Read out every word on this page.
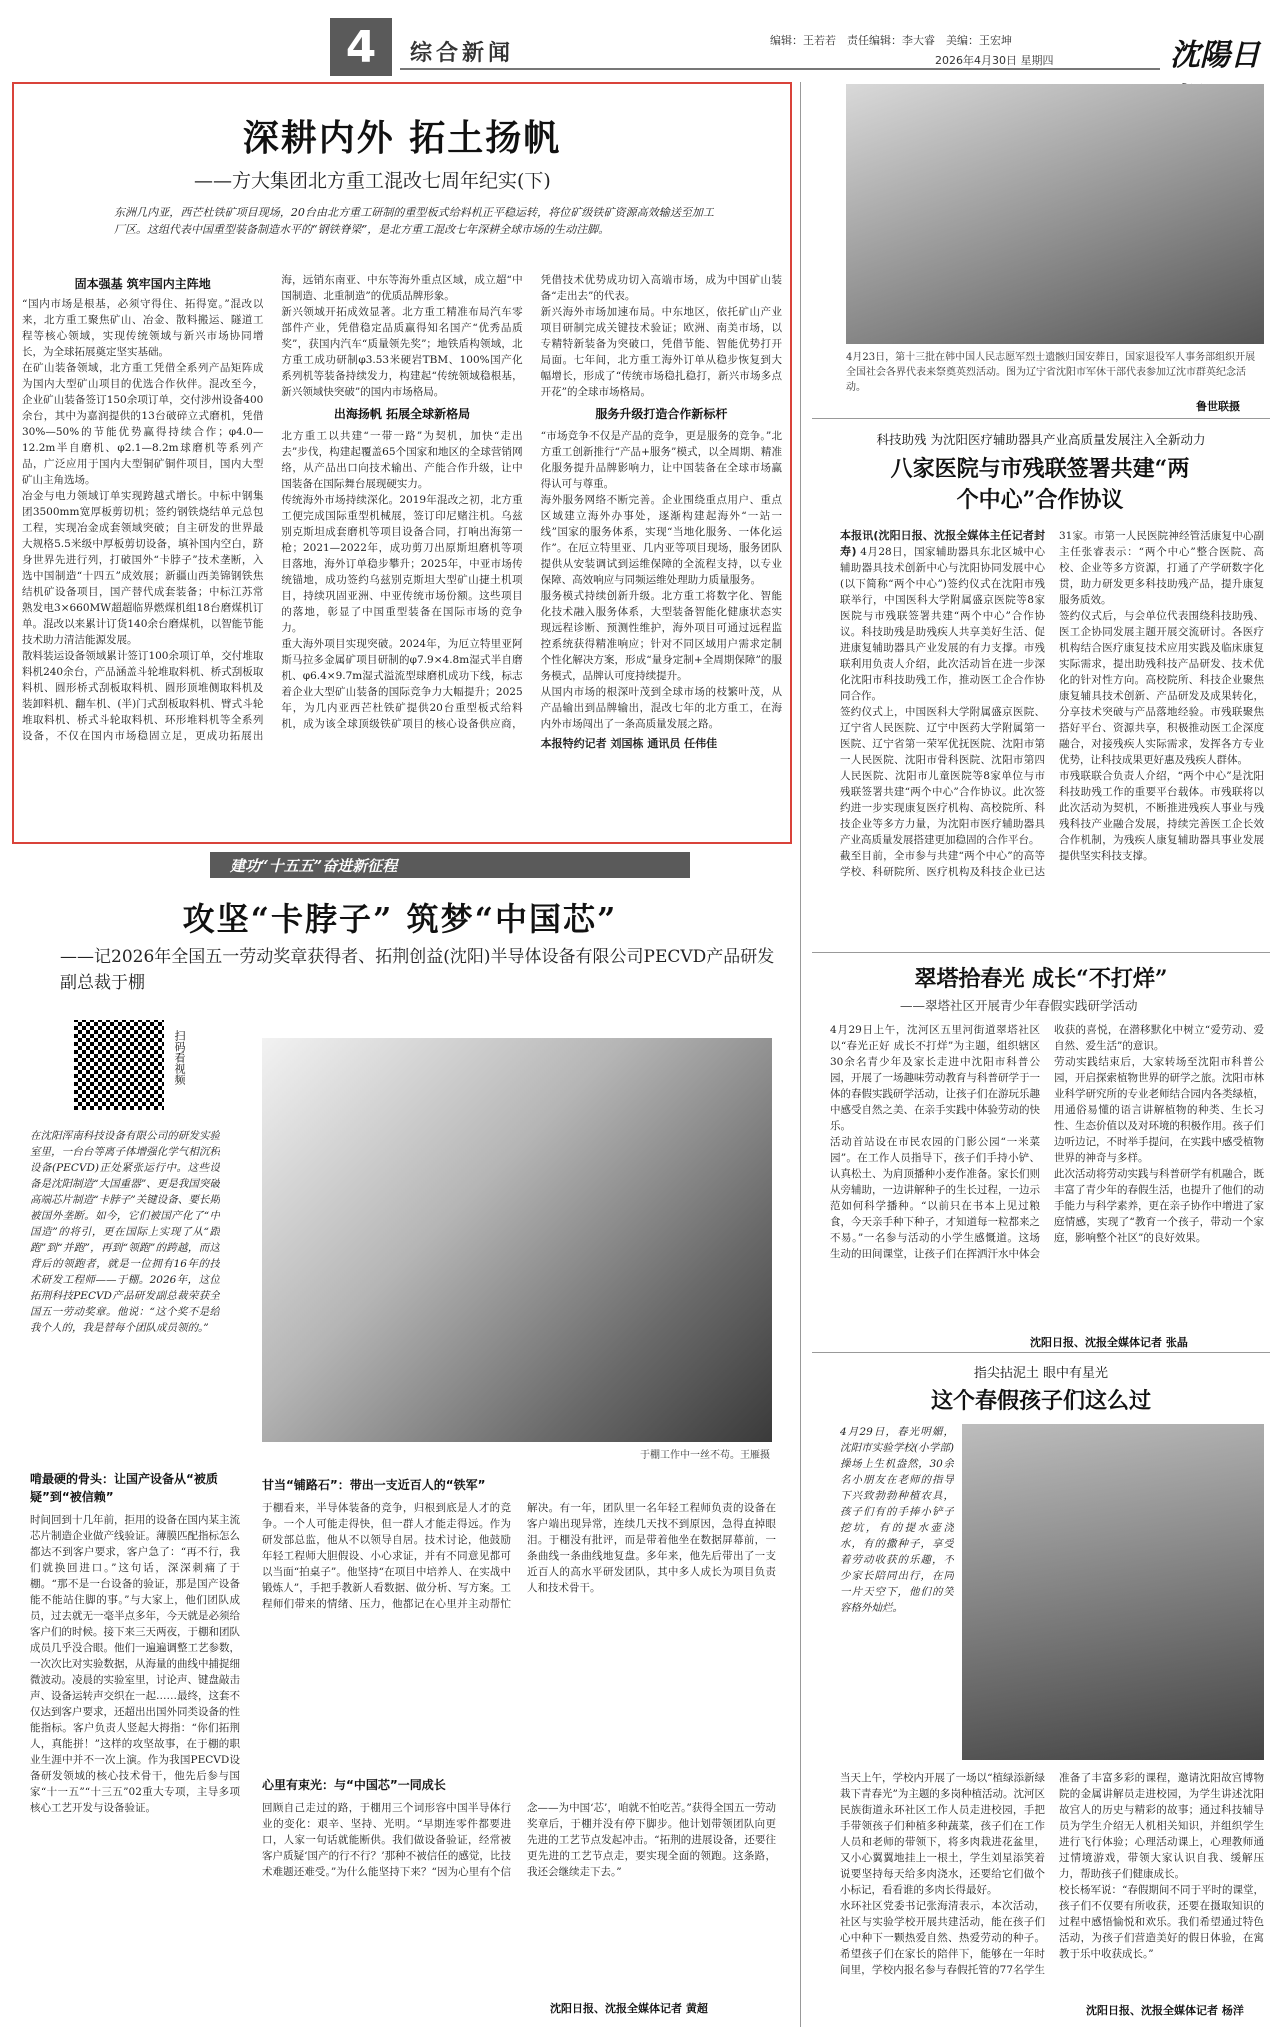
4	综合新闻
编辑：王若若　责任编辑：李大睿　美编：王宏坤
2026年4月30日 星期四	沈陽日
深耕内外 拓土扬帆
——方大集团北方重工混改七周年纪实(下)
东洲几内亚，西芒杜铁矿项目现场，20台由北方重工研制的重型板式给料机正平稳运转，将位矿级铁矿资源高效输送至加工厂区。这组代表中国重型装备制造水平的“钢铁脊梁”，是北方重工混改七年深耕全球市场的生动注脚。
固本强基 筑牢国内主阵地

“国内市场是根基，必须守得住、拓得宽。”混改以来，北方重工聚焦矿山、冶金、散料搬运、隧道工程等核心领域，实现传统领域与新兴市场协同增长，为全球拓展奠定坚实基础。

在矿山装备领域，北方重工凭借全系列产品矩阵成为国内大型矿山项目的优选合作伙伴。混改至今，企业矿山装备签订150余项订单，交付涉州设备400余台，其中为嘉润提供的13台破碎立式磨机，凭借30%—50%的节能优势赢得持续合作；φ4.0—12.2m半自磨机、φ2.1—8.2m球磨机等系列产品，广泛应用于国内大型铜矿铜件项目，国内大型矿山主角选场。

冶金与电力领域订单实现跨越式增长。中标中钢集团3500mm宽厚板剪切机；签约钢铁烧结单元总包工程，实现冶金成套领域突破；自主研发的世界最大规格5.5米级中厚板剪切设备，填补国内空白，跻身世界先进行列，打破国外“卡脖子”技术垄断，入选中国制造“十四五”成效展；新疆山西美锦钢铁焦结机矿设备项目，国产替代成套装备；中标江苏常熟发电3×660MW超超临界燃煤机组18台磨煤机订单。混改以来累计订货140余台磨煤机，以智能节能技术助力清洁能源发展。

散料装运设备领域累计签订100余项订单，交付堆取料机240余台，产品涵盖斗轮堆取料机、桥式刮板取料机、圆形桥式刮板取料机、圆形顶堆侧取料机及装卸料机、翻车机、(半)门式刮板取料机、臂式斗轮堆取料机、桥式斗轮取料机、环形堆料机等全系列设备，不仅在国内市场稳固立足，更成功拓展出海，远销东南亚、中东等海外重点区域，成立超“中国制造、北重制造”的优质品牌形象。

新兴领域开拓成效显著。北方重工精准布局汽车零部件产业，凭借稳定品质赢得知名国产“优秀品质奖”，获国内汽车“质量领先奖”；地铁盾构领域，北方重工成功研制φ3.53米硬岩TBM、100%国产化系列机等装备持续发力，构建起“传统领域稳根基，新兴领域快突破”的国内市场格局。

出海扬帆 拓展全球新格局

北方重工以共建“一带一路”为契机，加快“走出去”步伐，构建起覆盖65个国家和地区的全球营销网络，从产品出口向技术输出、产能合作升级，让中国装备在国际舞台展现硬实力。

传统海外市场持续深化。2019年混改之初，北方重工便完成国际重型机械展，签订印尼赌注机。乌兹别克斯坦成套磨机等项目设备合同，打响出海第一枪；2021—2022年，成功剪刀出原斯坦磨机等项目落地，海外订单稳步攀升；2025年，中亚市场传统锚地，成功签约乌兹别克斯坦大型矿山捷土机项目，持续巩固亚洲、中亚传统市场份额。这些项目的落地，彰显了中国重型装备在国际市场的竞争力。

重大海外项目实现突破。2024年，为厄立特里亚阿斯马拉多金属矿项目研制的φ7.9×4.8m湿式半自磨机、φ6.4×9.7m湿式溢流型球磨机成功下线，标志着企业大型矿山装备的国际竞争力大幅提升；2025年，为几内亚西芒杜铁矿提供20台重型板式给料机，成为该全球顶级铁矿项目的核心设备供应商，凭借技术优势成功切入高端市场，成为中国矿山装备“走出去”的代表。

新兴海外市场加速布局。中东地区，依托矿山产业项目研制完成关键技术验证；欧洲、南美市场，以专精特新装备为突破口，凭借节能、智能优势打开局面。七年间，北方重工海外订单从稳步恢复到大幅增长，形成了“传统市场稳扎稳打，新兴市场多点开花”的全球市场格局。

服务升级打造合作新标杆

“市场竞争不仅是产品的竞争，更是服务的竞争。”北方重工创新推行“产品+服务”模式，以全周期、精准化服务提升品牌影响力，让中国装备在全球市场赢得认可与尊重。

海外服务网络不断完善。企业围绕重点用户、重点区域建立海外办事处，逐渐构建起海外“一站一线”国家的服务体系，实现“当地化服务、一体化运作”。在厄立特里亚、几内亚等项目现场，服务团队提供从安装调试到运维保障的全流程支持，以专业保障、高效响应与同频运维处理助力质量服务。

服务模式持续创新升级。北方重工将数字化、智能化技术融入服务体系，大型装备智能化健康状态实现远程诊断、预测性维护，海外项目可通过远程监控系统获得精准响应；针对不同区域用户需求定制个性化解决方案，形成“量身定制+全周期保障”的服务模式，品牌认可度持续提升。

从国内市场的根深叶茂到全球市场的枝繁叶茂，从产品输出到品牌输出，混改七年的北方重工，在海内外市场闯出了一条高质量发展之路。

本报特约记者 刘国栋 通讯员 任伟佳
4月23日，第十三批在韩中国人民志愿军烈士遗骸归国安葬日，国家退役军人事务部组织开展全国社会各界代表来祭奠英烈活动。图为辽宁省沈阳市军休干部代表参加辽沈市群英纪念活动。
鲁世联摄
科技助残 为沈阳医疗辅助器具产业高质量发展注入全新动力
八家医院与市残联签署共建“两个中心”合作协议
本报讯(沈阳日报、沈报全媒体主任记者封寿) 4月28日，国家辅助器具东北区城中心辅助器具技术创新中心与沈阳协同发展中心(以下简称“两个中心”)签约仪式在沈阳市残联举行，中国医科大学附属盛京医院等8家医院与市残联签署共建“两个中心”合作协议。科技助残是助残疾人共享美好生活、促进康复辅助器具产业发展的有力支撑。市残联利用负责人介绍，此次活动旨在进一步深化沈阳市科技助残工作，推动医工企合作协同合作。

签约仪式上，中国医科大学附属盛京医院、辽宁省人民医院、辽宁中医药大学附属第一医院、辽宁省第一荣军优抚医院、沈阳市第一人民医院、沈阳市骨科医院、沈阳市第四人民医院、沈阳市儿童医院等8家单位与市残联签署共建“两个中心”合作协议。此次签约进一步实现康复医疗机构、高校院所、科技企业等多方力量，为沈阳市医疗辅助器具产业高质量发展搭建更加稳固的合作平台。

截至目前，全市参与共建“两个中心”的高等学校、科研院所、医疗机构及科技企业已达31家。市第一人民医院神经管活康复中心副主任张睿表示：“两个中心”整合医院、高校、企业等多方资源，打通了产学研数字化贯，助力研发更多科技助残产品，提升康复服务质效。

签约仪式后，与会单位代表围绕科技助残、医工企协同发展主题开展交流研讨。各医疗机构结合医疗康复技术应用实践及临床康复实际需求，提出助残科技产品研发、技术优化的针对性方向。高校院所、科技企业聚焦康复辅具技术创新、产品研发及成果转化，分享技术突破与产品落地经验。市残联聚焦搭好平台、资源共享，积极推动医工企深度融合，对接残疾人实际需求，发挥各方专业优势，让科技成果更好惠及残疾人群体。

市残联联合负责人介绍，“两个中心”是沈阳科技助残工作的重要平台载体。市残联将以此次活动为契机，不断推进残疾人事业与残残科技产业融合发展，持续完善医工企长效合作机制，为残疾人康复辅助器具事业发展提供坚实科技支撑。

翠塔拾春光 成长“不打烊”
——翠塔社区开展青少年春假实践研学活动

4月29日上午，沈河区五里河街道翠塔社区以“春光正好 成长不打烊”为主题，组织辖区30余名青少年及家长走进中沈阳市科普公园，开展了一场趣味劳动教育与科普研学于一体的春假实践研学活动，让孩子们在游玩乐趣中感受自然之美、在亲手实践中体验劳动的快乐。

活动首站设在市民农园的门影公园“一米菜园”。在工作人员指导下，孩子们手持小铲、认真松土、为肩顶播种小麦作准备。家长们则从旁辅助，一边讲解种子的生长过程，一边示范如何科学播种。“以前只在书本上见过粮食，今天亲手种下种子，才知道每一粒都来之不易。”一名参与活动的小学生感慨道。这场生动的田间课堂，让孩子们在挥洒汗水中体会收获的喜悦，在潜移默化中树立“爱劳动、爱自然、爱生活”的意识。

劳动实践结束后，大家转场至沈阳市科普公园，开启探索植物世界的研学之旅。沈阳市林业科学研究所的专业老师结合园内各类绿植，用通俗易懂的语言讲解植物的种类、生长习性、生态价值以及对环境的积极作用。孩子们边听边记，不时举手提问，在实践中感受植物世界的神奇与多样。

此次活动将劳动实践与科普研学有机融合，既丰富了青少年的春假生活，也提升了他们的动手能力与科学素养，更在亲子协作中增进了家庭情感，实现了“教育一个孩子，带动一个家庭，影响整个社区”的良好效果。

沈阳日报、沈报全媒体记者 张晶
指尖拈泥土 眼中有星光
这个春假孩子们这么过
4月29日，春光明媚，沈阳市实验学校(小学部)操场上生机盎然，30余名小朋友在老师的指导下兴致勃勃种植农具，孩子们有的手捧小铲子挖坑，有的提水壶浇水，有的撒种子，享受着劳动收获的乐趣，不少家长陪同出行，在同一片天空下，他们的笑容格外灿烂。

当天上午，学校内开展了一场以“植绿添新绿 栽下青春光”为主题的多岗种植活动。沈河区民族街道永环社区工作人员走进校园，手把手带领孩子们种植多种蔬菜，孩子们在工作人员和老师的带领下，将多肉栽进花盆里，又小心翼翼地挂上一根土，学生刘星添笑着说要坚持每天给多肉浇水，还要给它们做个小标记，看看谁的多肉长得最好。

水环社区党委书记张海清表示，本次活动，社区与实验学校开展共建活动，能在孩子们心中种下一颗热爱自然、热爱劳动的种子。希望孩子们在家长的陪伴下，能够在一年时间里，学校内报名参与春假托管的77名学生准备了丰富多彩的课程，邀请沈阳故宫博物院的金属讲解员走进校园，为学生讲述沈阳故宫人的历史与精彩的故事；通过科技辅导员为学生介绍无人机相关知识，并组织学生进行飞行体验；心理活动课上，心理教师通过情境游戏，带领大家认识自我、缓解压力，帮助孩子们健康成长。

校长杨军说：“春假期间不同于平时的课堂，孩子们不仅要有所收获，还要在摄取知识的过程中感悟愉悦和欢乐。我们希望通过特色活动，为孩子们营造美好的假日体验，在寓教于乐中收获成长。”

沈阳日报、沈报全媒体记者 杨洋
建功“十五五”奋进新征程
攻坚“卡脖子” 筑梦“中国芯”
——记2026年全国五一劳动奖章获得者、拓荆创益(沈阳)半导体设备有限公司PECVD产品研发副总裁于棚
扫码看视频
在沈阳浑南科技设备有限公司的研发实验室里，一台台等离子体增强化学气相沉积设备(PECVD)正处紧张运行中。这些设备是沈阳制造“大国重器”、更是我国突破高端芯片制造“卡脖子”关键设备、要长期被国外垄断。如今，它们被国产化了“中国造”的将引，更在国际上实现了从“跟跑”到“并跑”，再到“领跑”的跨越，而这背后的领跑者，就是一位拥有16年的技术研发工程师——于棚。2026年，这位拓荆科技PECVD产品研发副总裁荣获全国五一劳动奖章。他说：“这个奖不是给我个人的，我是替每个团队成员领的。”
于棚工作中一丝不苟。王雁摄
啃最硬的骨头：让国产设备从“被质疑”到“被信赖”
时间回到十几年前，拒用的设备在国内某主流芯片制造企业做产线验证。薄膜匹配指标怎么都达不到客户要求，客户急了：“再不行，我们就换回进口。”这句话，深深刺痛了于棚。“那不是一台设备的验证，那是国产设备能不能站住脚的事。”与大家上，他们团队成员，过去就无一毫半点多年，今天就是必须给客户们的时候。接下来三天两夜，于棚和团队成员几乎没合眼。他们一遍遍调整工艺参数，一次次比对实验数据，从海量的曲线中捕捉细微波动。凌晨的实验室里，讨论声、键盘敲击声、设备运转声交织在一起……最终，这套不仅达到客户要求，还超出出国外同类设备的性能指标。客户负责人竖起大拇指：“你们拓荆人，真能拼！”这样的攻坚故事，在于棚的职业生涯中并不一次上演。作为我国PECVD设备研发领域的核心技术骨干，他先后参与国家“十一五”“十三五”02重大专项，主导多项核心工艺开发与设备验证。
甘当“铺路石”：带出一支近百人的“铁军”
于棚看来，半导体装备的竞争，归根到底是人才的竞争。一个人可能走得快，但一群人才能走得远。作为研发部总监，他从不以领导自居。技术讨论，他鼓励年轻工程师大胆假设、小心求证，并有不同意见都可以当面“拍桌子”。他坚持“在项目中培养人、在实战中锻炼人”，手把手教新人看数据、做分析、写方案。工程师们带来的情绪、压力，他都记在心里并主动帮忙解决。有一年，团队里一名年轻工程师负责的设备在客户端出现异常，连续几天找不到原因，急得直掉眼泪。于棚没有批评，而是带着他坐在数据屏幕前，一条曲线一条曲线地复盘。多年来，他先后带出了一支近百人的高水平研发团队，其中多人成长为项目负责人和技术骨干。
心里有束光：与“中国芯”一同成长
回顾自己走过的路，于棚用三个词形容中国半导体行业的变化：艰辛、坚持、光明。“早期连零件都要进口，人家一句话就能断供。我们做设备验证，经常被客户质疑‘国产的行不行？’那种不被信任的感觉，比技术难题还难受。”为什么能坚持下来？“因为心里有个信念——为中国‘芯’，咱就不怕吃苦。”获得全国五一劳动奖章后，于棚并没有停下脚步。他计划带领团队向更先进的工艺节点发起冲击。“拓荆的进展设备，还要往更先进的工艺节点走，要实现全面的领跑。这条路，我还会继续走下去。”
沈阳日报、沈报全媒体记者 黄超
